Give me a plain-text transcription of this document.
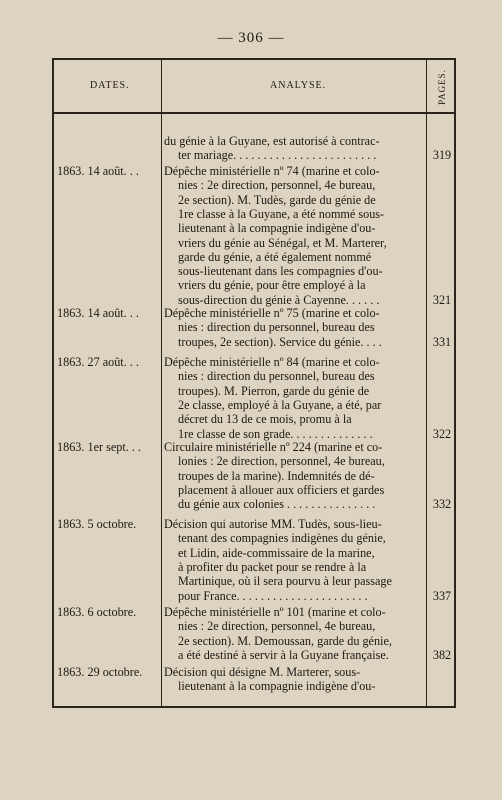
— 306 —
DATES.	ANALYSE.	PAGES.
du génie à la Guyane, est autorisé à contrac-
ter mariage. . . . . . . . . . . . . . . . . . . . . . . .	319
1863. 14 août. . . Dépêche ministérielle nº 74 (marine et colo-
nies : 2e direction, personnel, 4e bureau,
2e section). M. Tudès, garde du génie de
1re classe à la Guyane, a été nommé sous-
lieutenant à la compagnie indigène d'ou-
vriers du génie au Sénégal, et M. Marterer,
garde du génie, a été également nommé
sous-lieutenant dans les compagnies d'ou-
vriers du génie, pour être employé à la
sous-direction du génie à Cayenne. . . . . .	321
1863. 14 août. . . Dépêche ministérielle nº 75 (marine et colo-
nies : direction du personnel, bureau des
troupes, 2e section). Service du génie. . . .	331
1863. 27 août. . . Dépêche ministérielle nº 84 (marine et colo-
nies : direction du personnel, bureau des
troupes). M. Pierron, garde du génie de
2e classe, employé à la Guyane, a été, par
décret du 13 de ce mois, promu à la
1re classe de son grade. . . . . . . . . . . . . .	322
1863. 1er sept. . . Circulaire ministérielle nº 224 (marine et co-
lonies : 2e direction, personnel, 4e bureau,
troupes de la marine). Indemnités de dé-
placement à allouer aux officiers et gardes
du génie aux colonies . . . . . . . . . . . . . . .	332
1863. 5 octobre. Décision qui autorise MM. Tudès, sous-lieu-
tenant des compagnies indigènes du génie,
et Lidin, aide-commissaire de la marine,
à profiter du packet pour se rendre à la
Martinique, où il sera pourvu à leur passage
pour France. . . . . . . . . . . . . . . . . . . . . .	337
1863. 6 octobre. Dépêche ministérielle nº 101 (marine et colo-
nies : 2e direction, personnel, 4e bureau,
2e section). M. Demoussan, garde du génie,
a été destiné à servir à la Guyane française.	382
1863. 29 octobre. Décision qui désigne M. Marterer, sous-
lieutenant à la compagnie indigène d'ou-
